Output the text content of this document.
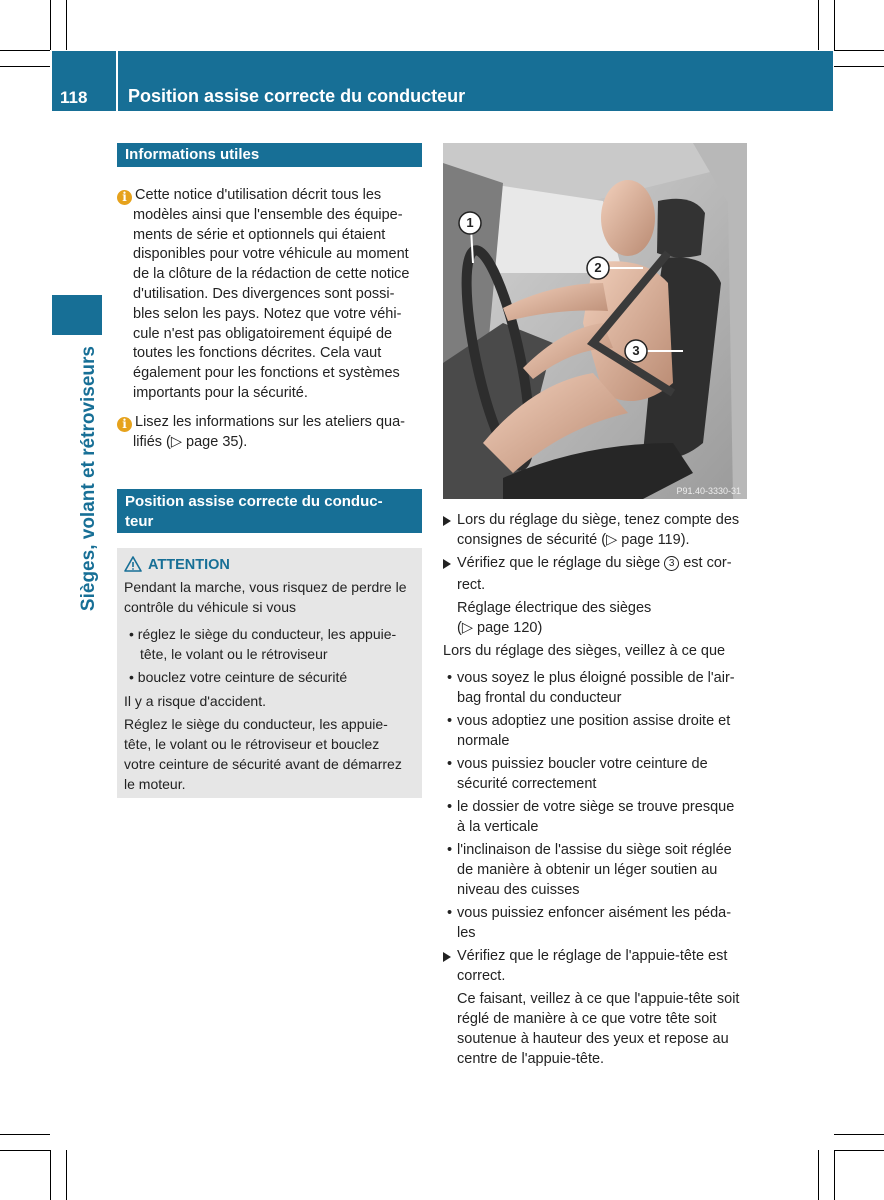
118 Position assise correcte du conducteur
Sièges, volant et rétroviseurs
Informations utiles
i Cette notice d'utilisation décrit tous les
modèles ainsi que l'ensemble des équipe-
ments de série et optionnels qui étaient
disponibles pour votre véhicule au moment
de la clôture de la rédaction de cette notice
d'utilisation. Des divergences sont possi-
bles selon les pays. Notez que votre véhi-
cule n'est pas obligatoirement équipé de
toutes les fonctions décrites. Cela vaut
également pour les fonctions et systèmes
importants pour la sécurité.
i Lisez les informations sur les ateliers qua-
lifiés (▷ page 35).
Position assise correcte du conduc-
teur
ATTENTION
Pendant la marche, vous risquez de perdre le
contrôle du véhicule si vous
• réglez le siège du conducteur, les appuie-
tête, le volant ou le rétroviseur
• bouclez votre ceinture de sécurité
Il y a risque d'accident.
Réglez le siège du conducteur, les appuie-
tête, le volant ou le rétroviseur et bouclez
votre ceinture de sécurité avant de démarrez
le moteur.
1
2
3
P91.40-3330-31
Lors du réglage du siège, tenez compte des
consignes de sécurité (▷ page 119).
Vérifiez que le réglage du siège 3 est cor-
rect.
Réglage électrique des sièges
(▷ page 120)
Lors du réglage des sièges, veillez à ce que
• vous soyez le plus éloigné possible de l'air-
bag frontal du conducteur
• vous adoptiez une position assise droite et
normale
• vous puissiez boucler votre ceinture de
sécurité correctement
• le dossier de votre siège se trouve presque
à la verticale
• l'inclinaison de l'assise du siège soit réglée
de manière à obtenir un léger soutien au
niveau des cuisses
• vous puissiez enfoncer aisément les péda-
les
Vérifiez que le réglage de l'appuie-tête est
correct.
Ce faisant, veillez à ce que l'appuie-tête soit
réglé de manière à ce que votre tête soit
soutenue à hauteur des yeux et repose au
centre de l'appuie-tête.
